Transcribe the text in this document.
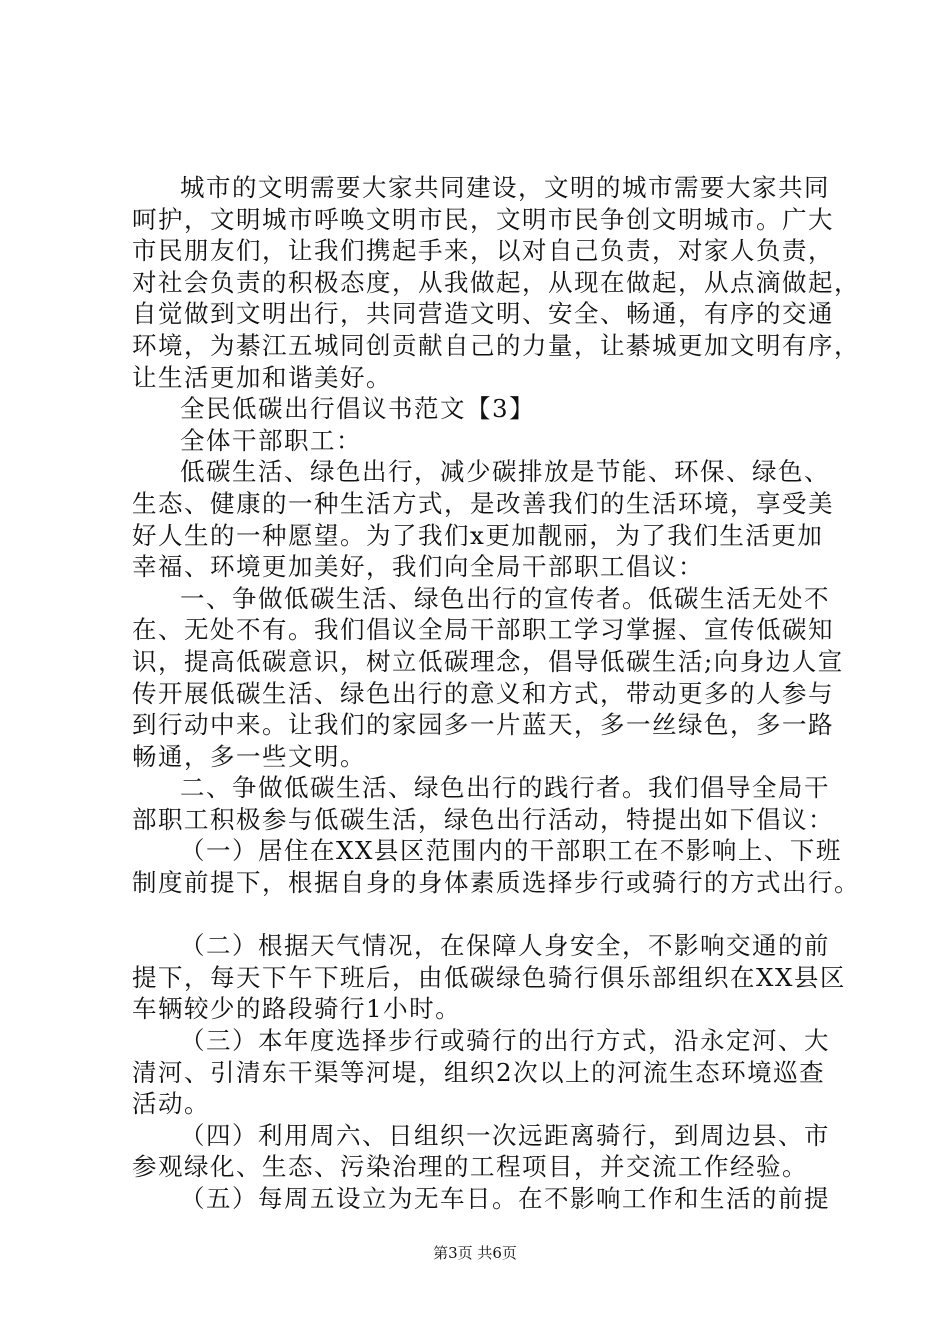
城市的文明需要大家共同建设，文明的城市需要大家共同
呵护，文明城市呼唤文明市民，文明市民争创文明城市。广大
市民朋友们，让我们携起手来，以对自己负责，对家人负责，
对社会负责的积极态度，从我做起，从现在做起，从点滴做起，
自觉做到文明出行，共同营造文明、安全、畅通，有序的交通
环境，为綦江五城同创贡献自己的力量，让綦城更加文明有序，
让生活更加和谐美好。
全民低碳出行倡议书范文【3】
全体干部职工：
低碳生活、绿色出行，减少碳排放是节能、环保、绿色、
生态、健康的一种生活方式，是改善我们的生活环境，享受美
好人生的一种愿望。为了我们x更加靓丽，为了我们生活更加
幸福、环境更加美好，我们向全局干部职工倡议：
一、争做低碳生活、绿色出行的宣传者。低碳生活无处不
在、无处不有。我们倡议全局干部职工学习掌握、宣传低碳知
识，提高低碳意识，树立低碳理念，倡导低碳生活;向身边人宣
传开展低碳生活、绿色出行的意义和方式，带动更多的人参与
到行动中来。让我们的家园多一片蓝天，多一丝绿色，多一路
畅通，多一些文明。
二、争做低碳生活、绿色出行的践行者。我们倡导全局干
部职工积极参与低碳生活，绿色出行活动，特提出如下倡议：
（一）居住在XX县区范围内的干部职工在不影响上、下班
制度前提下，根据自身的身体素质选择步行或骑行的方式出行。
（二）根据天气情况，在保障人身安全，不影响交通的前
提下，每天下午下班后，由低碳绿色骑行俱乐部组织在XX县区
车辆较少的路段骑行1小时。
（三）本年度选择步行或骑行的出行方式，沿永定河、大
清河、引清东干渠等河堤，组织2次以上的河流生态环境巡查
活动。
（四）利用周六、日组织一次远距离骑行，到周边县、市
参观绿化、生态、污染治理的工程项目，并交流工作经验。
（五）每周五设立为无车日。在不影响工作和生活的前提
第3页 共6页
